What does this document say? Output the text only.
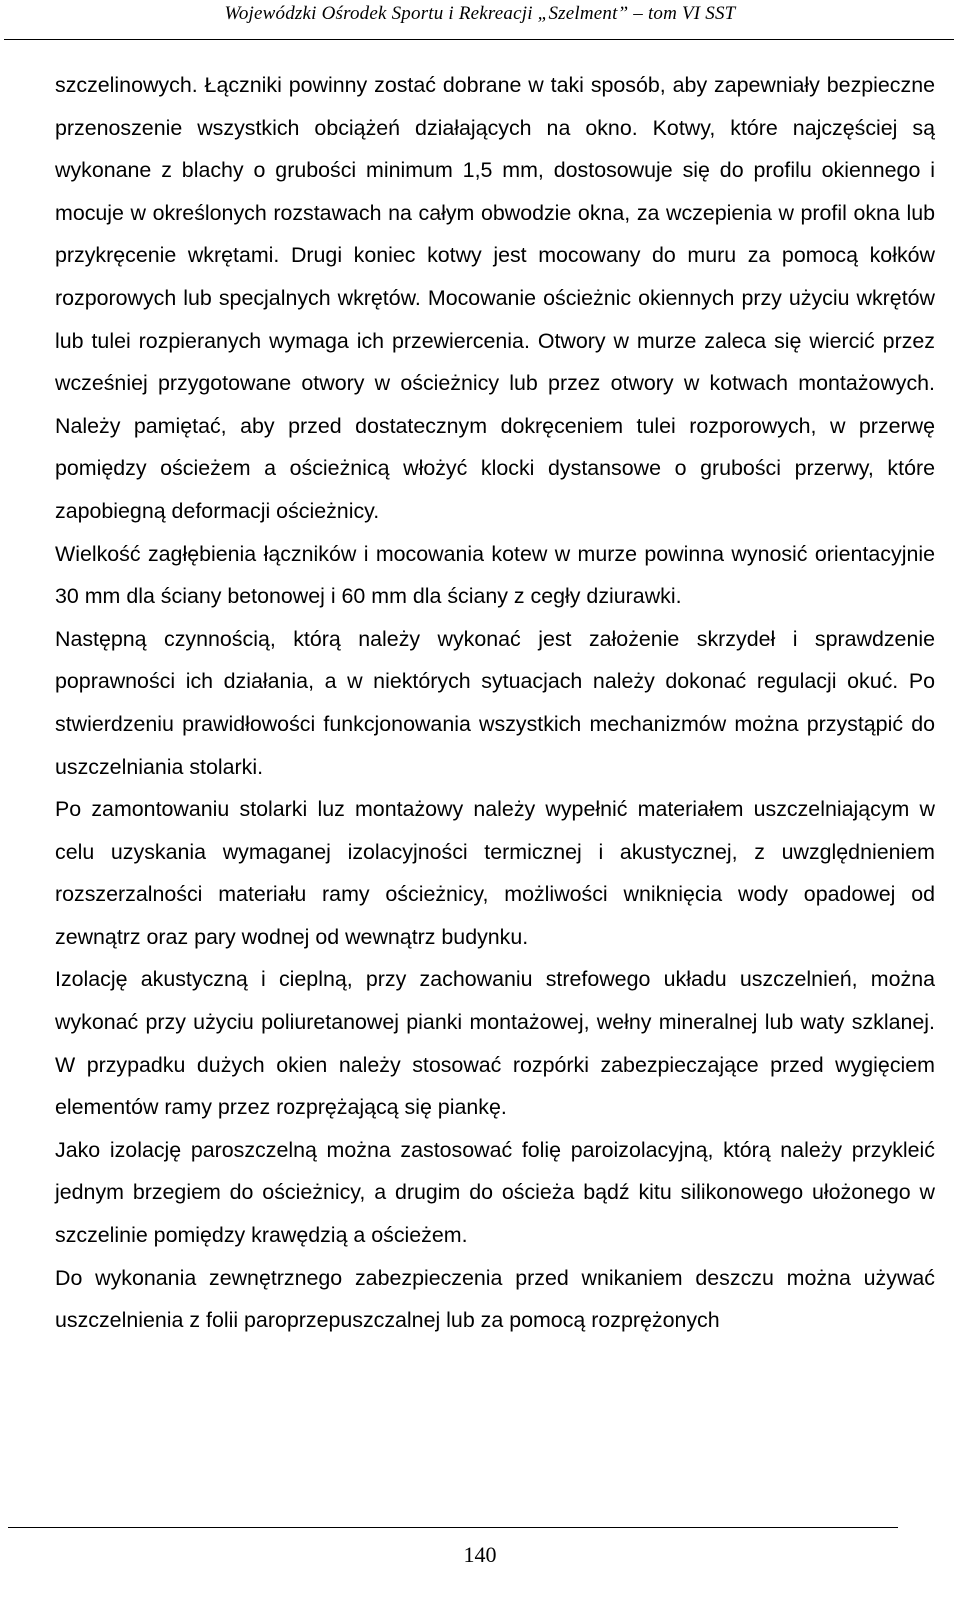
Wojewódzki Ośrodek Sportu i Rekreacji „Szelment” – tom VI SST

szczelinowych. Łączniki powinny zostać dobrane w taki sposób, aby zapewniały bezpieczne przenoszenie wszystkich obciążeń działających na okno. Kotwy, które najczęściej są wykonane z blachy o grubości minimum 1,5 mm, dostosowuje się do profilu okiennego i mocuje w określonych rozstawach na całym obwodzie okna, za wczepienia w profil okna lub przykręcenie wkrętami. Drugi koniec kotwy jest mocowany do muru za pomocą kołków rozporowych lub specjalnych wkrętów. Mocowanie ościeżnic okiennych przy użyciu wkrętów lub tulei rozpieranych wymaga ich przewiercenia. Otwory w murze zaleca się wiercić przez wcześniej przygotowane otwory w ościeżnicy lub przez otwory w kotwach montażowych. Należy pamiętać, aby przed dostatecznym dokręceniem tulei rozporowych, w przerwę pomiędzy ościeżem a ościeżnicą włożyć klocki dystansowe o grubości przerwy, które zapobiegną deformacji ościeżnicy.

Wielkość zagłębienia łączników i mocowania kotew w murze powinna wynosić orientacyjnie 30 mm dla ściany betonowej i 60 mm dla ściany z cegły dziurawki.

Następną czynnością, którą należy wykonać jest założenie skrzydeł i sprawdzenie poprawności ich działania, a w niektórych sytuacjach należy dokonać regulacji okuć. Po stwierdzeniu prawidłowości funkcjonowania wszystkich mechanizmów można przystąpić do uszczelniania stolarki.

Po zamontowaniu stolarki luz montażowy należy wypełnić materiałem uszczelniającym w celu uzyskania wymaganej izolacyjności termicznej i akustycznej, z uwzględnieniem rozszerzalności materiału ramy ościeżnicy, możliwości wniknięcia wody opadowej od zewnątrz oraz pary wodnej od wewnątrz budynku.

Izolację akustyczną i cieplną, przy zachowaniu strefowego układu uszczelnień, można wykonać przy użyciu poliuretanowej pianki montażowej, wełny mineralnej lub waty szklanej. W przypadku dużych okien należy stosować rozpórki zabezpieczające przed wygięciem elementów ramy przez rozprężającą się piankę.

Jako izolację paroszczelną można zastosować folię paroizolacyjną, którą należy przykleić jednym brzegiem do ościeżnicy, a drugim do ościeża bądź kitu silikonowego ułożonego w szczelinie pomiędzy krawędzią a ościeżem.

Do wykonania zewnętrznego zabezpieczenia przed wnikaniem deszczu można używać uszczelnienia z folii paroprzepuszczalnej lub za pomocą rozprężonych

140
